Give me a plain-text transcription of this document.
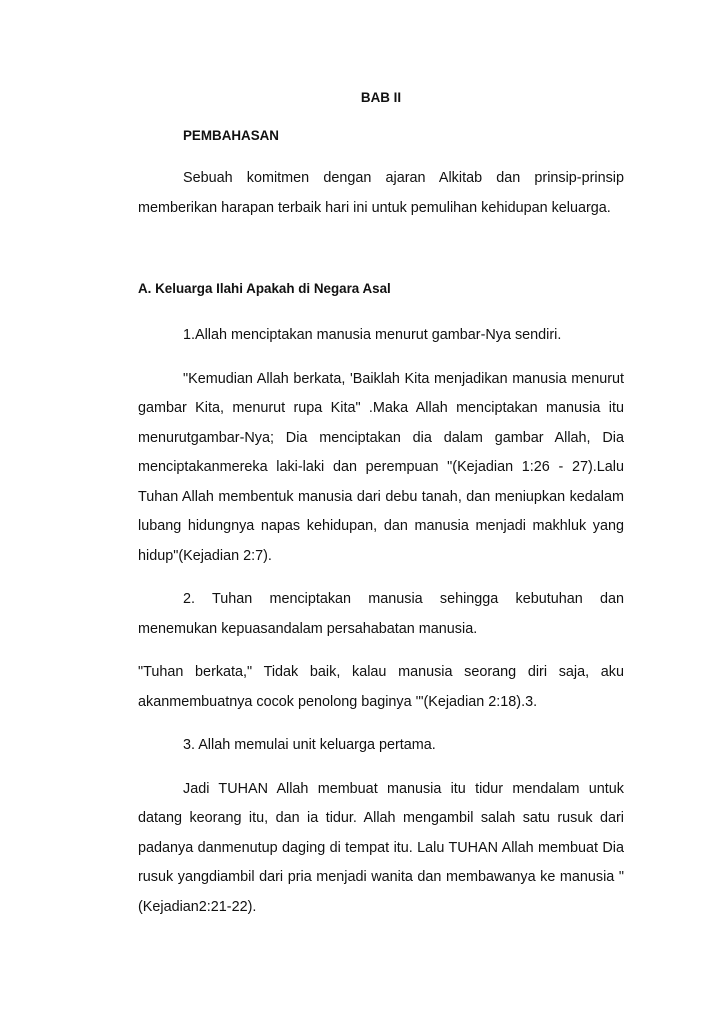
BAB II
PEMBAHASAN

Sebuah komitmen dengan ajaran Alkitab dan prinsip-prinsip memberikan harapan terbaik hari ini untuk pemulihan kehidupan keluarga.

A. Keluarga Ilahi Apakah di Negara Asal

1.Allah menciptakan manusia menurut gambar-Nya sendiri.

"Kemudian Allah berkata, 'Baiklah Kita menjadikan manusia menurut gambar Kita, menurut rupa Kita" .Maka Allah menciptakan manusia itu menurutgambar-Nya; Dia menciptakan dia dalam gambar Allah, Dia menciptakanmereka laki-laki dan perempuan "(Kejadian 1:26 - 27).Lalu Tuhan Allah membentuk manusia dari debu tanah, dan meniupkan kedalam lubang hidungnya napas kehidupan, dan manusia menjadi makhluk yang hidup"(Kejadian 2:7).

2. Tuhan menciptakan manusia sehingga kebutuhan dan menemukan kepuasandalam persahabatan manusia.

"Tuhan berkata," Tidak baik, kalau manusia seorang diri saja, aku akanmembuatnya cocok penolong baginya '"(Kejadian 2:18).3.

3. Allah memulai unit keluarga pertama.

Jadi TUHAN Allah membuat manusia itu tidur mendalam untuk datang keorang itu, dan ia tidur. Allah mengambil salah satu rusuk dari padanya danmenutup daging di tempat itu. Lalu TUHAN Allah membuat Dia rusuk yangdiambil dari pria menjadi wanita dan membawanya ke manusia "(Kejadian2:21-22).
